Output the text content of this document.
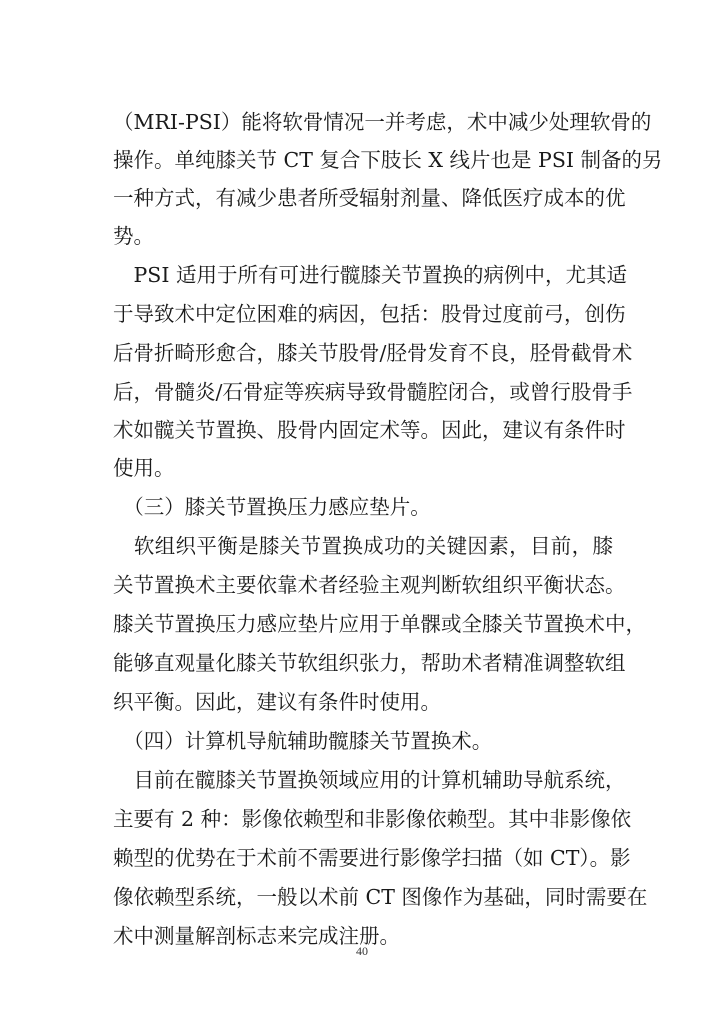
（MRI-PSI）能将软骨情况一并考虑，术中减少处理软骨的
操作。单纯膝关节 CT 复合下肢长 X 线片也是 PSI 制备的另
一种方式，有减少患者所受辐射剂量、降低医疗成本的优
势。
　PSI 适用于所有可进行髋膝关节置换的病例中，尤其适
于导致术中定位困难的病因，包括：股骨过度前弓，创伤
后骨折畸形愈合，膝关节股骨/胫骨发育不良，胫骨截骨术
后，骨髓炎/石骨症等疾病导致骨髓腔闭合，或曾行股骨手
术如髋关节置换、股骨内固定术等。因此，建议有条件时
使用。
　（三）膝关节置换压力感应垫片。
　软组织平衡是膝关节置换成功的关键因素，目前，膝
关节置换术主要依靠术者经验主观判断软组织平衡状态。
膝关节置换压力感应垫片应用于单髁或全膝关节置换术中，
能够直观量化膝关节软组织张力，帮助术者精准调整软组
织平衡。因此，建议有条件时使用。
　（四）计算机导航辅助髋膝关节置换术。
　目前在髋膝关节置换领域应用的计算机辅助导航系统，
主要有 2 种：影像依赖型和非影像依赖型。其中非影像依
赖型的优势在于术前不需要进行影像学扫描（如 CT）。影
像依赖型系统，一般以术前 CT 图像作为基础，同时需要在
术中测量解剖标志来完成注册。
40
